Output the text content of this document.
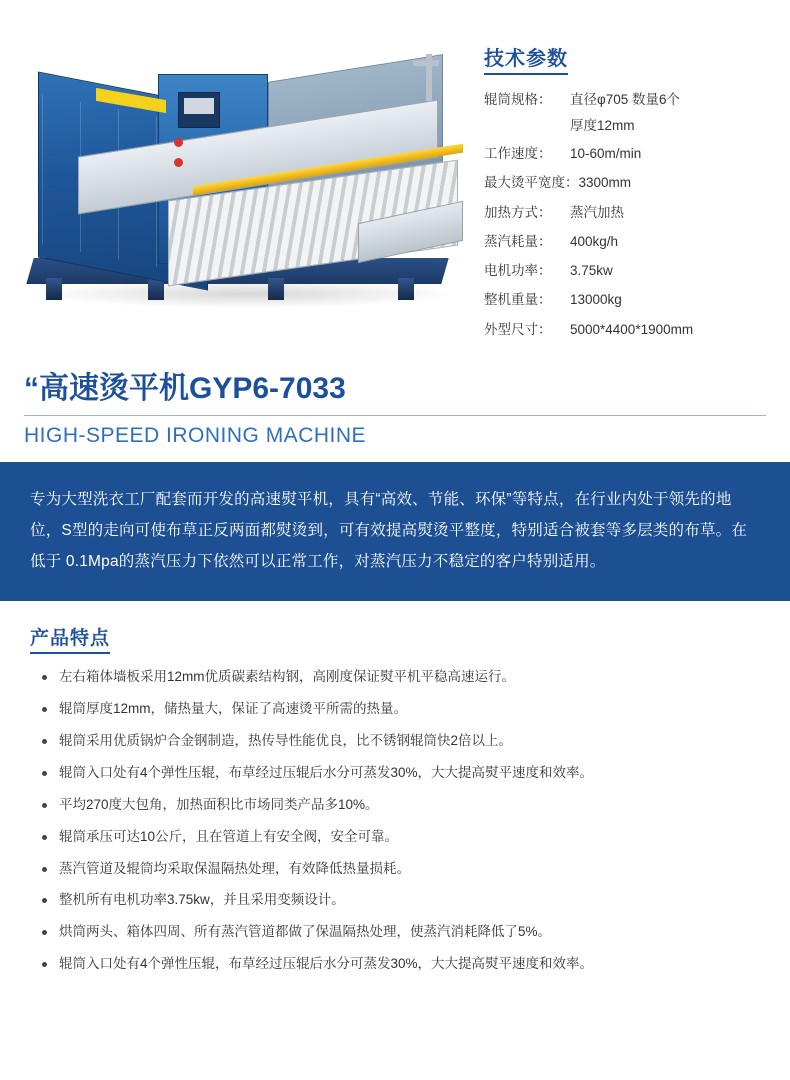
技术参数
辊筒规格：	直径φ705 数量6个
厚度12mm
工作速度：	10-60m/min
最大烫平宽度： 3300mm
加热方式：	蒸汽加热
蒸汽耗量：	400kg/h
电机功率：	3.75kw
整机重量：	13000kg
外型尺寸：	5000*4400*1900mm
“高速烫平机GYP6-7033
HIGH-SPEED IRONING MACHINE
专为大型洗衣工厂配套而开发的高速熨平机，具有“高效、节能、环保”等特点，在行业内处于领先的地位，S型的走向可使布草正反两面都熨烫到，可有效提高熨烫平整度，特别适合被套等多层类的布草。在低于 0.1Mpa的蒸汽压力下依然可以正常工作，对蒸汽压力不稳定的客户特别适用。
产品特点
左右箱体墙板采用12mm优质碳素结构钢，高刚度保证熨平机平稳高速运行。
辊筒厚度12mm，储热量大，保证了高速烫平所需的热量。
辊筒采用优质锅炉合金钢制造，热传导性能优良，比不锈钢辊筒快2倍以上。
辊筒入口处有4个弹性压辊，布草经过压辊后水分可蒸发30%，大大提高熨平速度和效率。
平均270度大包角，加热面积比市场同类产品多10%。
辊筒承压可达10公斤，且在管道上有安全阀，安全可靠。
蒸汽管道及辊筒均采取保温隔热处理，有效降低热量损耗。
整机所有电机功率3.75kw，并且采用变频设计。
烘筒两头、箱体四周、所有蒸汽管道都做了保温隔热处理，使蒸汽消耗降低了5%。
辊筒入口处有4个弹性压辊，布草经过压辊后水分可蒸发30%，大大提高熨平速度和效率。
